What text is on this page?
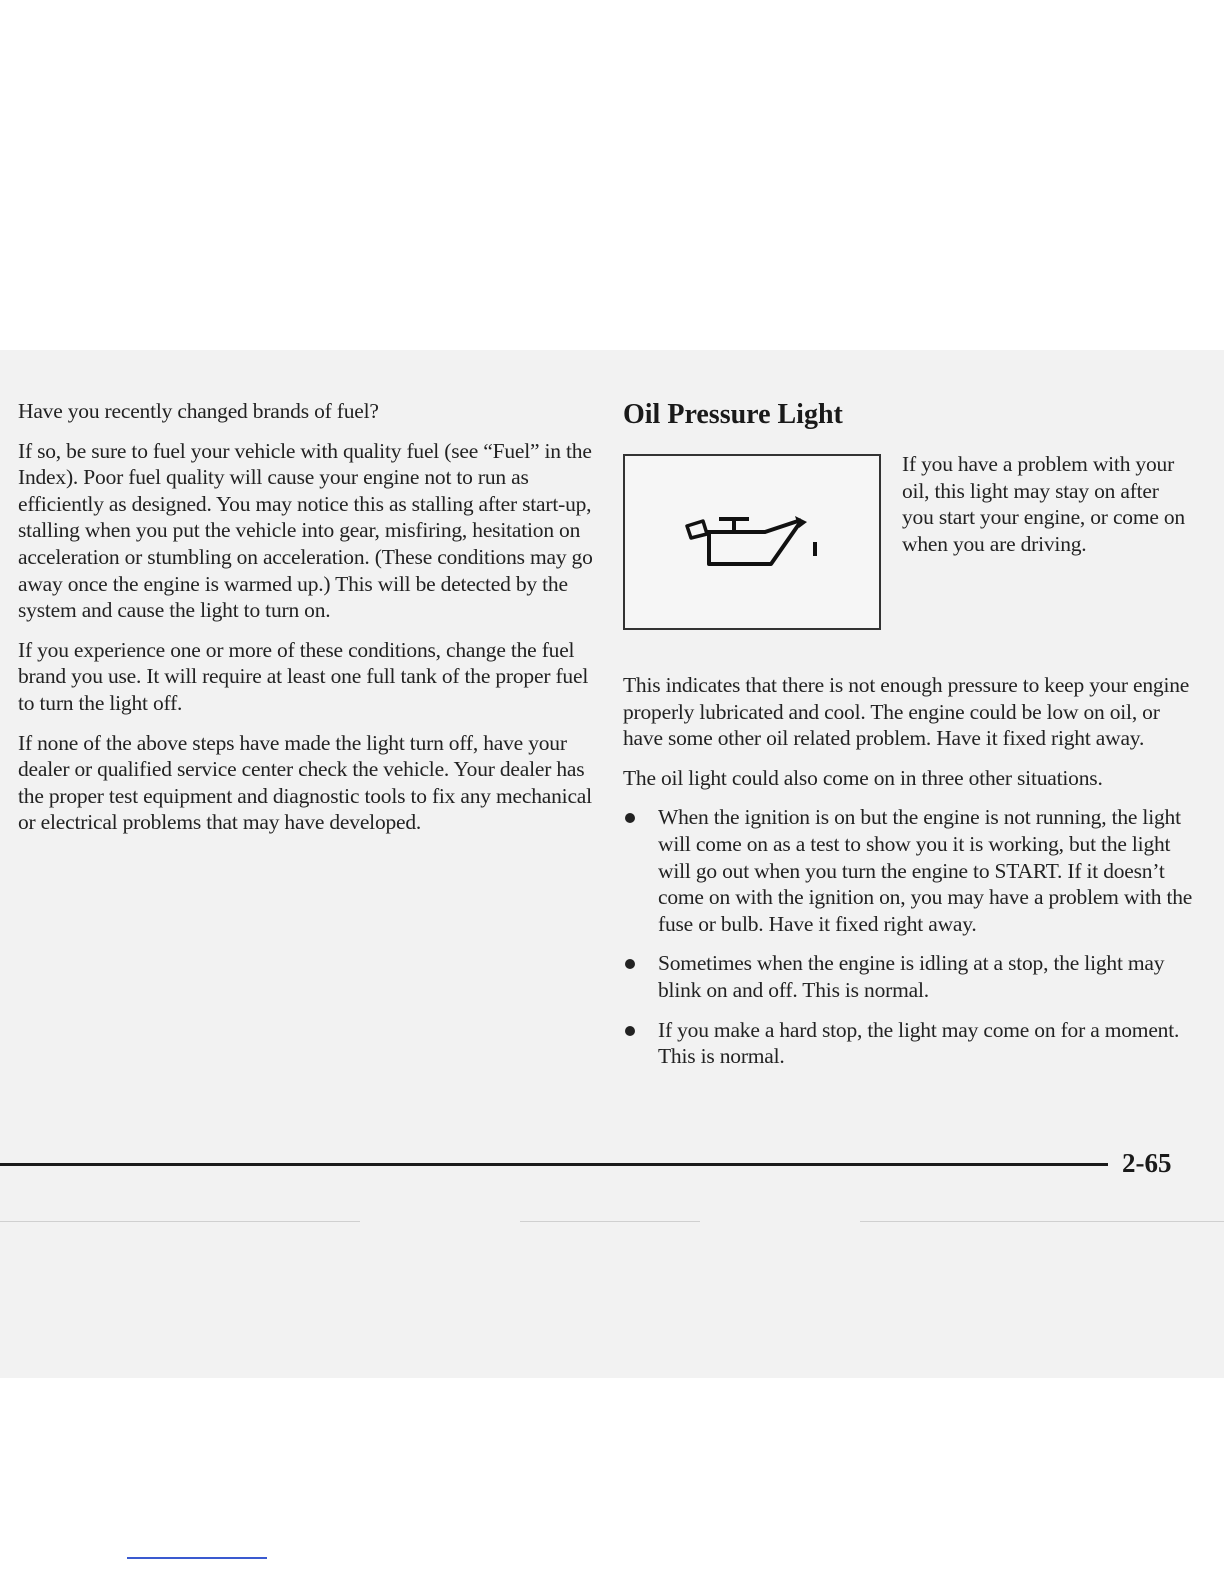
Have you recently changed brands of fuel?

If so, be sure to fuel your vehicle with quality fuel (see “Fuel” in the Index). Poor fuel quality will cause your engine not to run as efficiently as designed. You may notice this as stalling after start-up, stalling when you put the vehicle into gear, misfiring, hesitation on acceleration or stumbling on acceleration. (These conditions may go away once the engine is warmed up.) This will be detected by the system and cause the light to turn on.

If you experience one or more of these conditions, change the fuel brand you use. It will require at least one full tank of the proper fuel to turn the light off.

If none of the above steps have made the light turn off, have your dealer or qualified service center check the vehicle. Your dealer has the proper test equipment and diagnostic tools to fix any mechanical or electrical problems that may have developed.

Oil Pressure Light

If you have a problem with your oil, this light may stay on after you start your engine, or come on when you are driving.

This indicates that there is not enough pressure to keep your engine properly lubricated and cool. The engine could be low on oil, or have some other oil related problem. Have it fixed right away.

The oil light could also come on in three other situations.

When the ignition is on but the engine is not running, the light will come on as a test to show you it is working, but the light will go out when you turn the engine to START. If it doesn’t come on with the ignition on, you may have a problem with the fuse or bulb. Have it fixed right away.
Sometimes when the engine is idling at a stop, the light may blink on and off. This is normal.
If you make a hard stop, the light may come on for a moment. This is normal.
2-65
